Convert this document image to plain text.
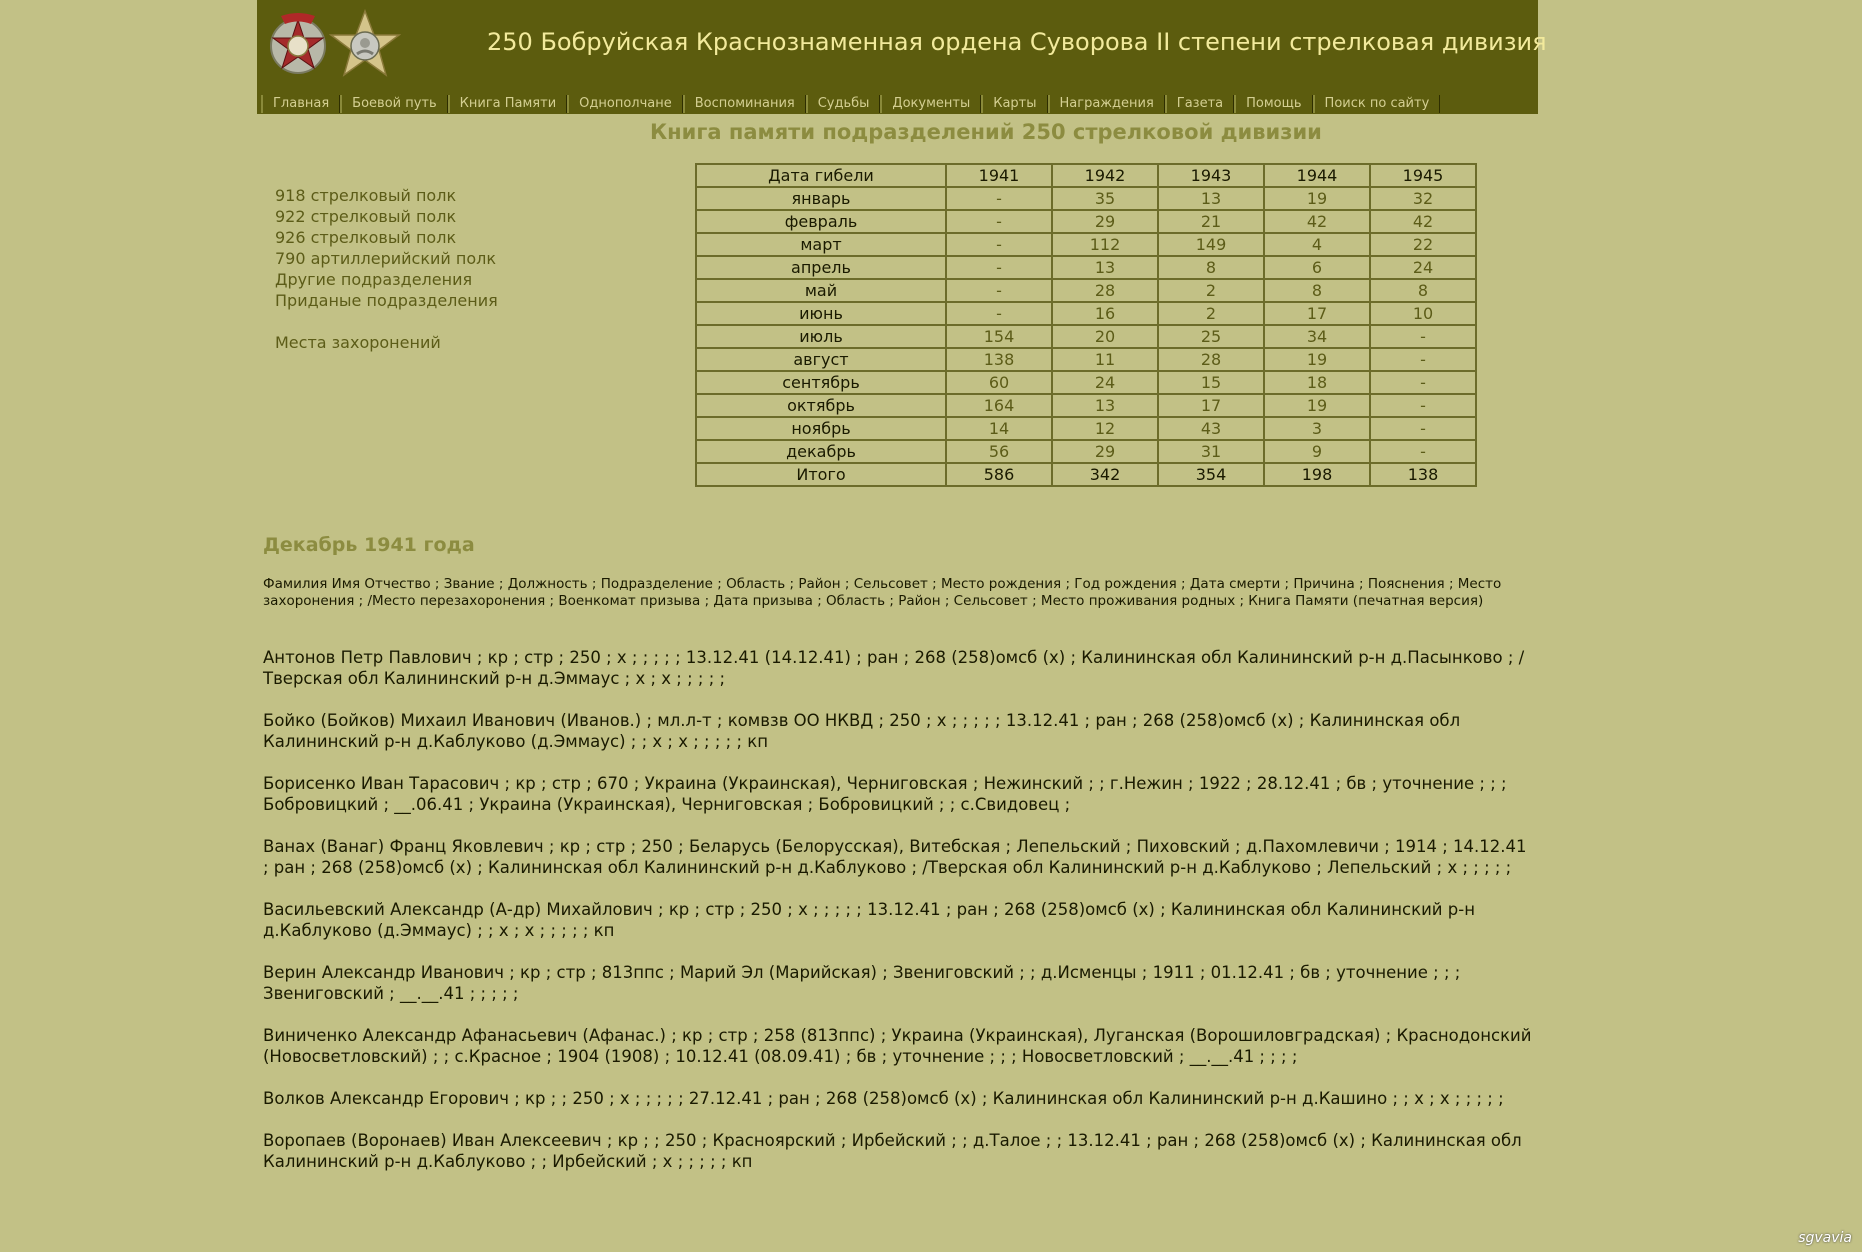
250 Бобруйская Краснознаменная ордена Суворова II степени стрелковая дивизия
Главная	Боевой путь	Книга Памяти	Однополчане	Воспоминания	Судьбы	Документы	Карты	Награждения	Газета	Помощь	Поиск по сайту
Книга памяти подразделений 250 стрелковой дивизии
918 стрелковый полк
922 стрелковый полк
926 стрелковый полк
790 артиллерийский полк
Другие подразделения
Приданые подразделения
Места захоронений
Дата гибели	1941	1942	1943	1944	1945
январь	-	35	13	19	32
февраль	-	29	21	42	42
март	-	112	149	4	22
апрель	-	13	8	6	24
май	-	28	2	8	8
июнь	-	16	2	17	10
июль	154	20	25	34	-
август	138	11	28	19	-
сентябрь	60	24	15	18	-
октябрь	164	13	17	19	-
ноябрь	14	12	43	3	-
декабрь	56	29	31	9	-
Итого	586	342	354	198	138
Декабрь 1941 года
Фамилия Имя Отчество ; Звание ; Должность ; Подразделение ; Область ; Район ; Сельсовет ; Место рождения ; Год рождения ; Дата смерти ; Причина ; Пояснения ; Место захоронения ; /Место перезахоронения ; Военкомат призыва ; Дата призыва ; Область ; Район ; Сельсовет ; Место проживания родных ; Книга Памяти (печатная версия)
Антонов Петр Павлович ; кр ; стр ; 250 ; х ; ; ; ; ; 13.12.41 (14.12.41) ; ран ; 268 (258)омсб (х) ; Калининская обл Калининский р-н д.Пасынково ; /Тверская обл Калининский р-н д.Эммаус ; х ; х ; ; ; ; ;
Бойко (Бойков) Михаил Иванович (Иванов.) ; мл.л-т ; комвзв ОО НКВД ; 250 ; х ; ; ; ; ; 13.12.41 ; ран ; 268 (258)омсб (х) ; Калининская обл Калининский р-н д.Каблуково (д.Эммаус) ; ; х ; х ; ; ; ; ; кп
Борисенко Иван Тарасович ; кр ; стр ; 670 ; Украина (Украинская), Черниговская ; Нежинский ; ; г.Нежин ; 1922 ; 28.12.41 ; бв ; уточнение ; ; ; Бобровицкий ; __.06.41 ; Украина (Украинская), Черниговская ; Бобровицкий ; ; с.Свидовец ;
Ванах (Ванаг) Франц Яковлевич ; кр ; стр ; 250 ; Беларусь (Белорусская), Витебская ; Лепельский ; Пиховский ; д.Пахомлевичи ; 1914 ; 14.12.41 ; ран ; 268 (258)омсб (х) ; Калининская обл Калининский р-н д.Каблуково ; /Тверская обл Калининский р-н д.Каблуково ; Лепельский ; х ; ; ; ; ;
Васильевский Александр (А-др) Михайлович ; кр ; стр ; 250 ; х ; ; ; ; ; 13.12.41 ; ран ; 268 (258)омсб (х) ; Калининская обл Калининский р-н д.Каблуково (д.Эммаус) ; ; х ; х ; ; ; ; ; кп
Верин Александр Иванович ; кр ; стр ; 813ппс ; Марий Эл (Марийская) ; Звениговский ; ; д.Исменцы ; 1911 ; 01.12.41 ; бв ; уточнение ; ; ; Звениговский ; __.__.41 ; ; ; ; ;
Виниченко Александр Афанасьевич (Афанас.) ; кр ; стр ; 258 (813ппс) ; Украина (Украинская), Луганская (Ворошиловградская) ; Краснодонский (Новосветловский) ; ; с.Красное ; 1904 (1908) ; 10.12.41 (08.09.41) ; бв ; уточнение ; ; ; Новосветловский ; __.__.41 ; ; ; ;
Волков Александр Егорович ; кр ; ; 250 ; х ; ; ; ; ; 27.12.41 ; ран ; 268 (258)омсб (х) ; Калининская обл Калининский р-н д.Кашино ; ; х ; х ; ; ; ; ;
Воропаев (Воронаев) Иван Алексеевич ; кр ; ; 250 ; Красноярский ; Ирбейский ; ; д.Талое ; ; 13.12.41 ; ран ; 268 (258)омсб (х) ; Калининская обл Калининский р-н д.Каблуково ; ; Ирбейский ; х ; ; ; ; ; кп
sgvavia
